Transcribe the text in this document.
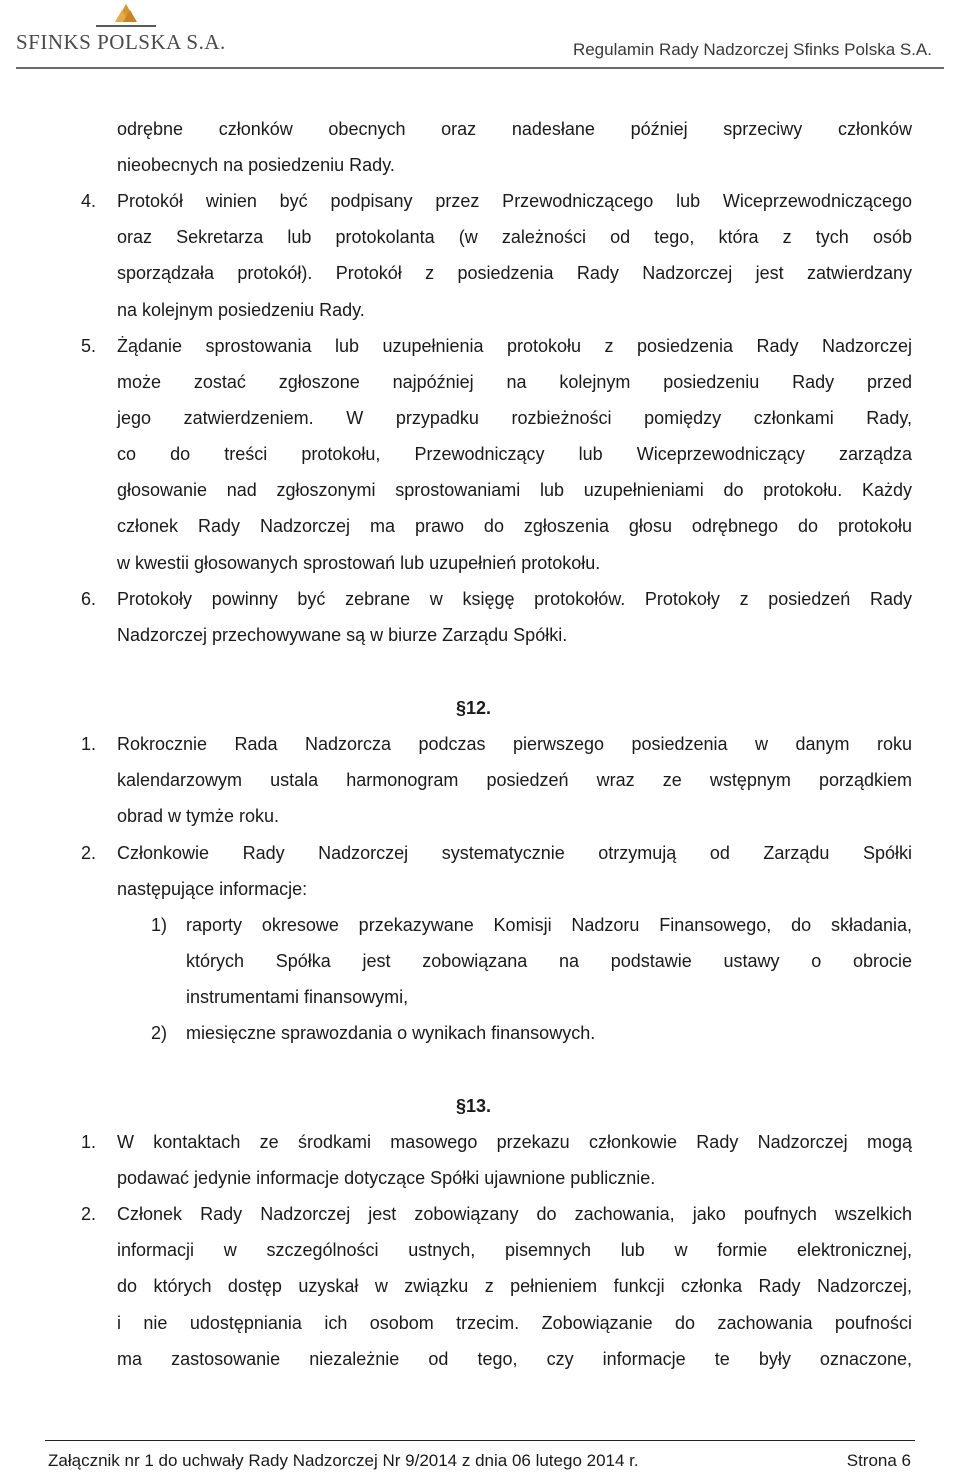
SFINKS POLSKA S.A.	Regulamin Rady Nadzorczej Sfinks Polska S.A.
odrębne członków obecnych oraz nadesłane później sprzeciwy członków
nieobecnych na posiedzeniu Rady.
4. Protokół winien być podpisany przez Przewodniczącego lub Wiceprzewodniczącego
oraz Sekretarza lub protokolanta (w zależności od tego, która z tych osób
sporządzała protokół). Protokół z posiedzenia Rady Nadzorczej jest zatwierdzany
na kolejnym posiedzeniu Rady.
5. Żądanie sprostowania lub uzupełnienia protokołu z posiedzenia Rady Nadzorczej
może zostać zgłoszone najpóźniej na kolejnym posiedzeniu Rady przed
jego zatwierdzeniem. W przypadku rozbieżności pomiędzy członkami Rady,
co do treści protokołu, Przewodniczący lub Wiceprzewodniczący zarządza
głosowanie nad zgłoszonymi sprostowaniami lub uzupełnieniami do protokołu. Każdy
członek Rady Nadzorczej ma prawo do zgłoszenia głosu odrębnego do protokołu
w kwestii głosowanych sprostowań lub uzupełnień protokołu.
6. Protokoły powinny być zebrane w księgę protokołów. Protokoły z posiedzeń Rady
Nadzorczej przechowywane są w biurze Zarządu Spółki.
§12.
1. Rokrocznie Rada Nadzorcza podczas pierwszego posiedzenia w danym roku
kalendarzowym ustala harmonogram posiedzeń wraz ze wstępnym porządkiem
obrad w tymże roku.
2. Członkowie Rady Nadzorczej systematycznie otrzymują od Zarządu Spółki
następujące informacje:
1) raporty okresowe przekazywane Komisji Nadzoru Finansowego, do składania,
których Spółka jest zobowiązana na podstawie ustawy o obrocie
instrumentami finansowymi,
2) miesięczne sprawozdania o wynikach finansowych.
§13.
1. W kontaktach ze środkami masowego przekazu członkowie Rady Nadzorczej mogą
podawać jedynie informacje dotyczące Spółki ujawnione publicznie.
2. Członek Rady Nadzorczej jest zobowiązany do zachowania, jako poufnych wszelkich
informacji w szczególności ustnych, pisemnych lub w formie elektronicznej,
do których dostęp uzyskał w związku z pełnieniem funkcji członka Rady Nadzorczej,
i nie udostępniania ich osobom trzecim. Zobowiązanie do zachowania poufności
ma zastosowanie niezależnie od tego, czy informacje te były oznaczone,
Załącznik nr 1 do uchwały Rady Nadzorczej Nr 9/2014 z dnia 06 lutego 2014 r.	Strona 6
